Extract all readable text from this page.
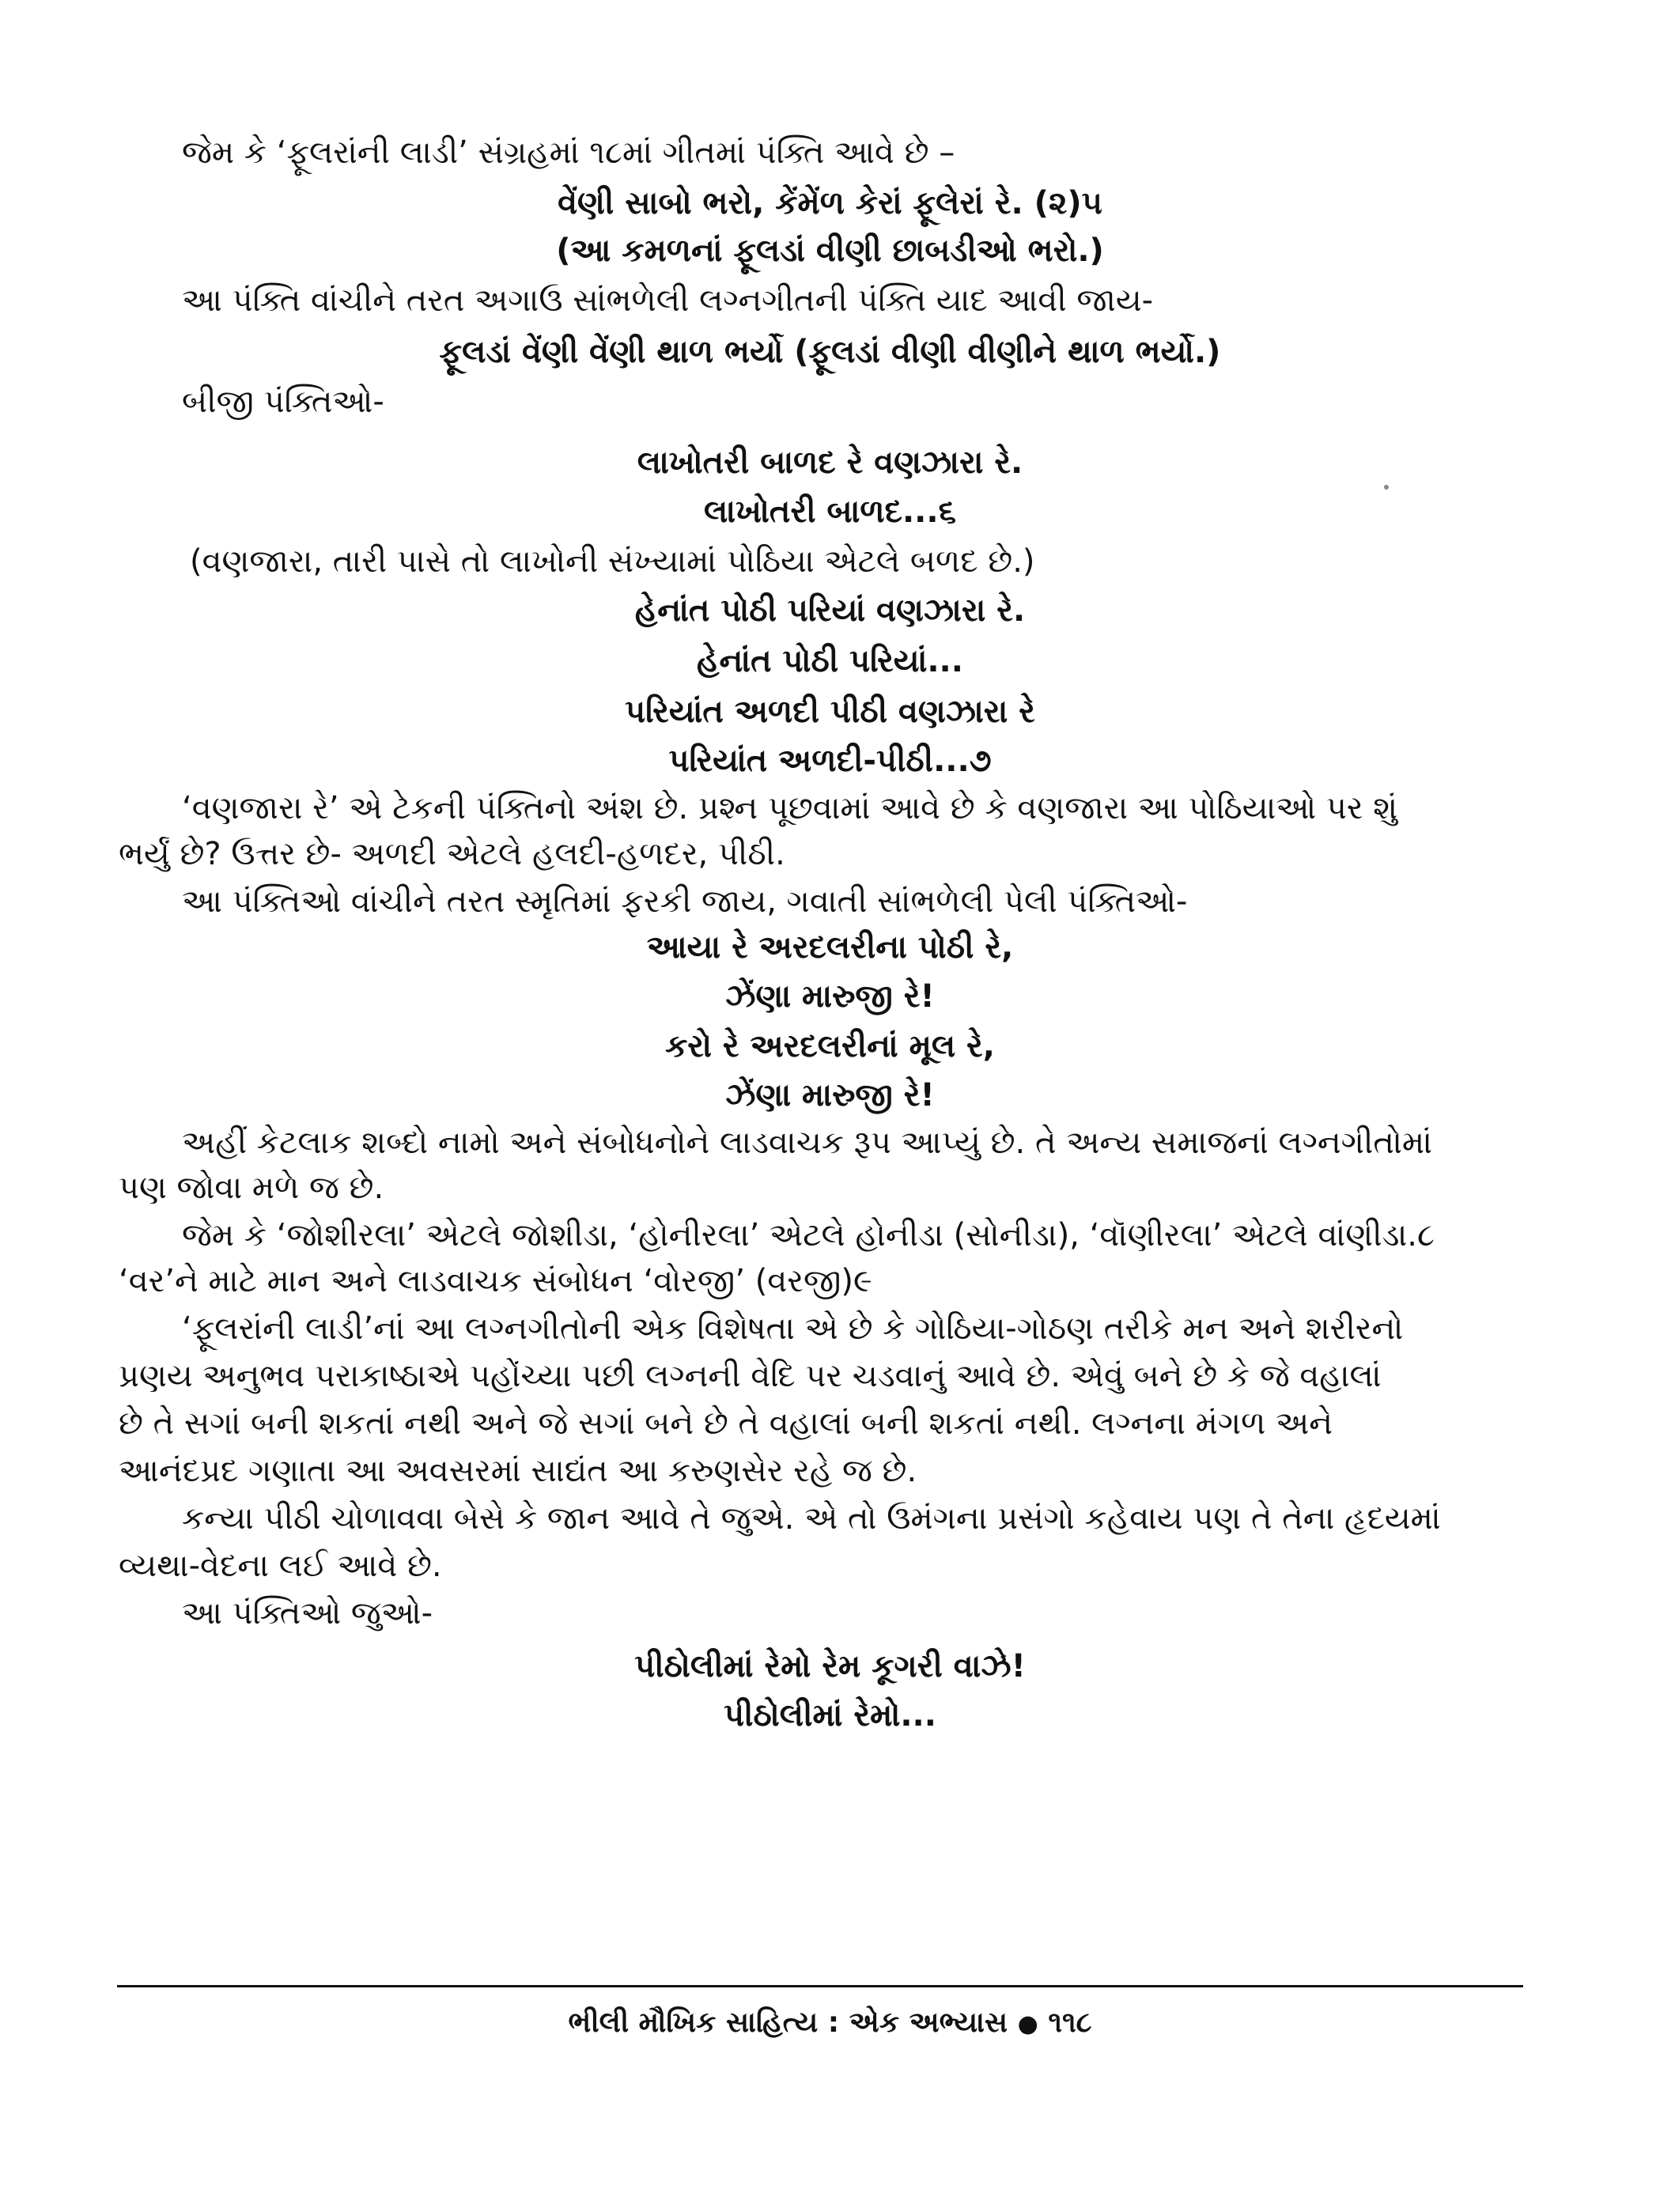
જેમ કે ‘ફૂલરાંની લાડી’ સંગ્રહમાં ૧૮માં ગીતમાં પંક્તિ આવે છે –
વેંણી સાબો ભરો, કેંમેંળ કેરાં ફૂલેરાં રે. (૨)૫
(આ કમળનાં ફૂલડાં વીણી છાબડીઓ ભરો.)
આ પંક્તિ વાંચીને તરત અગાઉ સાંભળેલી લગ્નગીતની પંક્તિ યાદ આવી જાય-
ફૂલડાં વેંણી વેંણી થાળ ભર્યો (ફૂલડાં વીણી વીણીને થાળ ભર્યો.)
બીજી પંક્તિઓ-
લાખોતરી બાળદ રે વણઝારા રે.
લાખોતરી બાળદ...૬
(વણજારા, તારી પાસે તો લાખોની સંખ્યામાં પોઠિયા એટલે બળદ છે.)
હેનાંત પોઠી પરિયાં વણઝારા રે.
હેનાંત પોઠી પરિયાં...
પરિયાંત અળદી પીઠી વણઝારા રે
પરિયાંત અળદી-પીઠી...૭
‘વણજારા રે’ એ ટેકની પંક્તિનો અંશ છે. પ્રશ્ન પૂછવામાં આવે છે કે વણજારા આ પોઠિયાઓ પર શું
ભર્યું છે? ઉત્તર છે- અળદી એટલે હલદી-હળદર, પીઠી.
આ પંક્તિઓ વાંચીને તરત સ્મૃતિમાં ફરકી જાય, ગવાતી સાંભળેલી પેલી પંક્તિઓ-
આયા રે અરદલરીના પોઠી રે,
ઝેંણા મારુજી રે!
કરો રે અરદલરીનાં મૂલ રે,
ઝેંણા મારુજી રે!
અહીં કેટલાક શબ્દો નામો અને સંબોધનોને લાડવાચક રૂપ આપ્યું છે. તે અન્ય સમાજનાં લગ્નગીતોમાં
પણ જોવા મળે જ છે.
જેમ કે ‘જોશીરલા’ એટલે જોશીડા, ‘હોનીરલા’ એટલે હોનીડા (સોનીડા), ‘વૉણીરલા’ એટલે વાંણીડા.૮
‘વર’ને માટે માન અને લાડવાચક સંબોધન ‘વોરજી’ (વરજી)૯
‘ફૂલરાંની લાડી’નાં આ લગ્નગીતોની એક વિશેષતા એ છે કે ગોઠિયા-ગોઠણ તરીકે મન અને શરીરનો
પ્રણય અનુભવ પરાકાષ્ઠાએ પહોંચ્યા પછી લગ્નની વેદિ પર ચડવાનું આવે છે. એવું બને છે કે જે વહાલાં
છે તે સગાં બની શકતાં નથી અને જે સગાં બને છે તે વહાલાં બની શકતાં નથી. લગ્નના મંગળ અને
આનંદપ્રદ ગણાતા આ અવસરમાં સાદ્યંત આ કરુણસેર રહે જ છે.
કન્યા પીઠી ચોળાવવા બેસે કે જાન આવે તે જુએ. એ તો ઉમંગના પ્રસંગો કહેવાય પણ તે તેના હૃદયમાં
વ્યથા-વેદના લઈ આવે છે.
આ પંક્તિઓ જુઓ-
પીઠોલીમાં રેમો રેમ કૂગરી વાઝે!
પીઠોલીમાં રેમો...
ભીલી મૌખિક સાહિત્ય : એક અભ્યાસ ● ૧૧૮
